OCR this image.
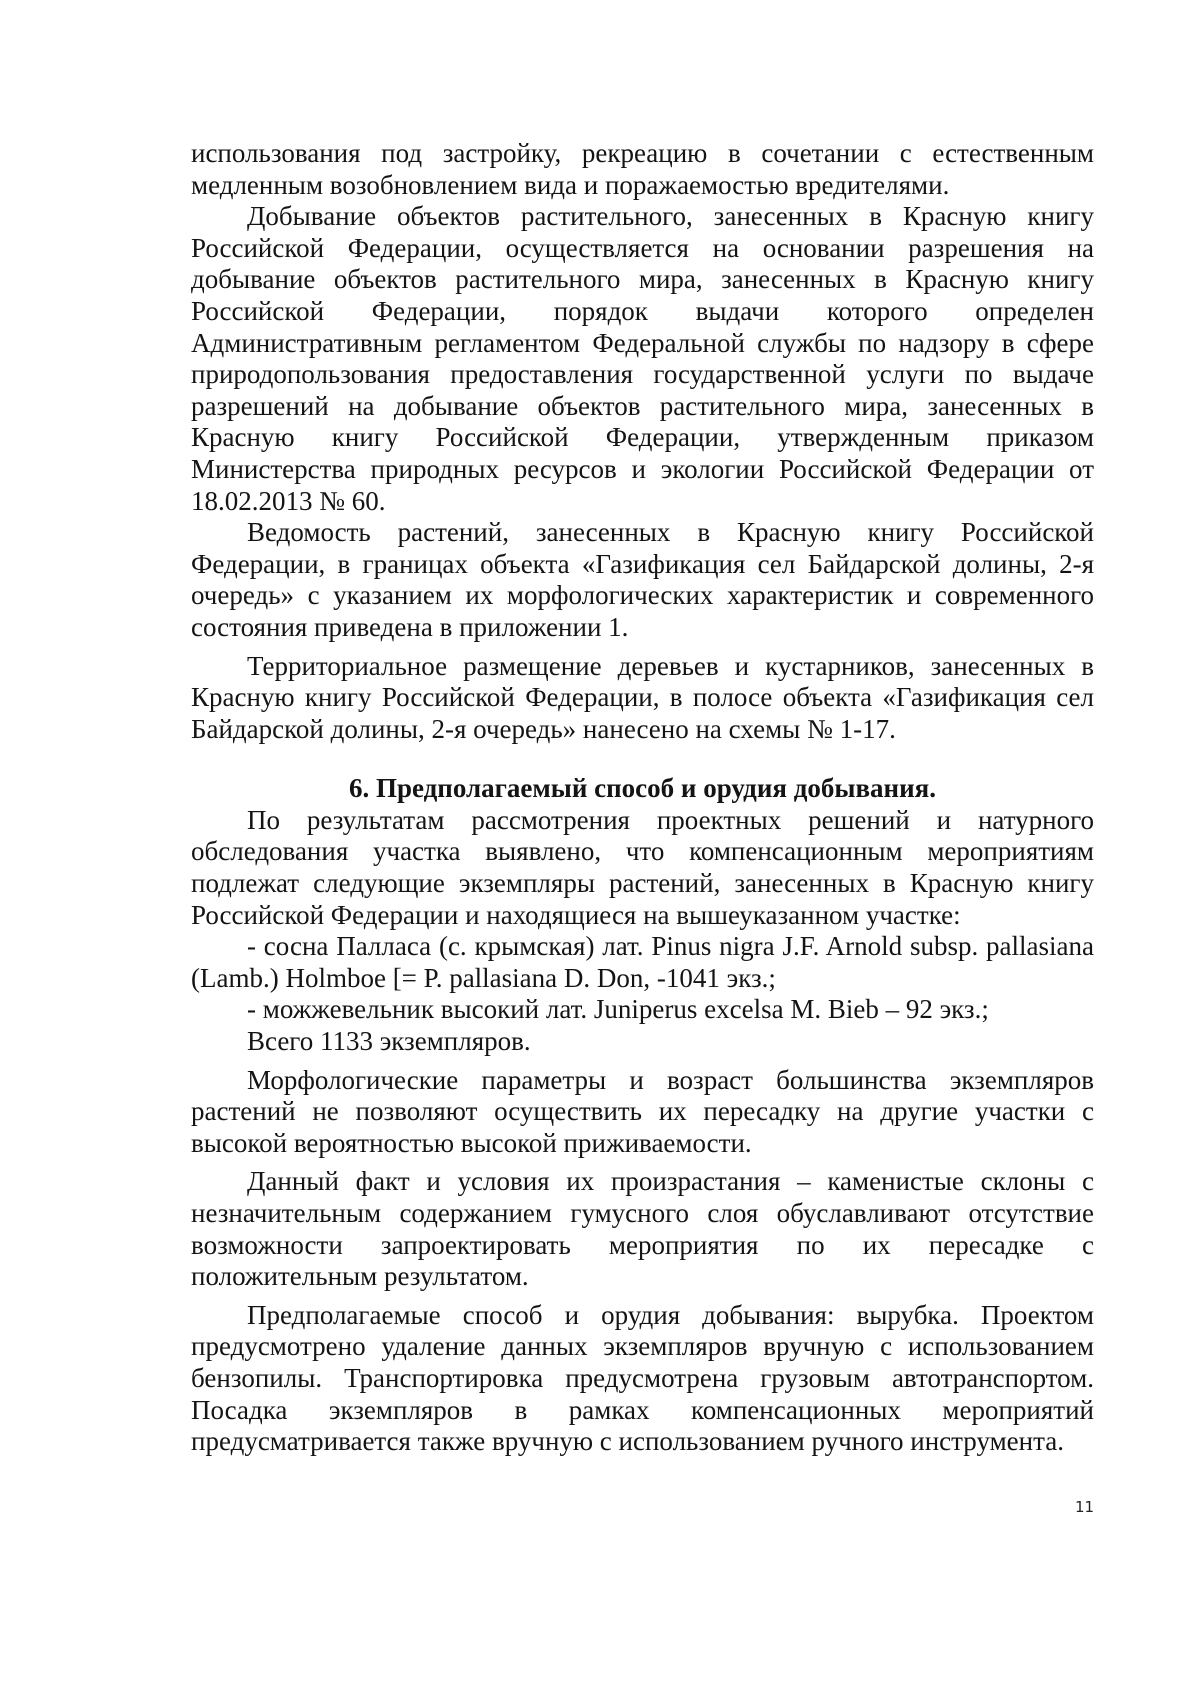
использования под застройку, рекреацию в сочетании с естественным медленным возобновлением вида и поражаемостью вредителями.

Добывание объектов растительного, занесенных в Красную книгу Российской Федерации, осуществляется на основании разрешения на добывание объектов растительного мира, занесенных в Красную книгу Российской Федерации, порядок выдачи которого определен Административным регламентом Федеральной службы по надзору в сфере природопользования предоставления государственной услуги по выдаче разрешений на добывание объектов растительного мира, занесенных в Красную книгу Российской Федерации, утвержденным приказом Министерства природных ресурсов и экологии Российской Федерации от 18.02.2013 № 60.

Ведомость растений, занесенных в Красную книгу Российской Федерации, в границах объекта «Газификация сел Байдарской долины, 2-я очередь» с указанием их морфологических характеристик и современного состояния приведена в приложении 1.

Территориальное размещение деревьев и кустарников, занесенных в Красную книгу Российской Федерации, в полосе объекта «Газификация сел Байдарской долины, 2-я очередь» нанесено на схемы № 1-17.

6. Предполагаемый способ и орудия добывания.

По результатам рассмотрения проектных решений и натурного обследования участка выявлено, что компенсационным мероприятиям подлежат следующие экземпляры растений, занесенных в Красную книгу Российской Федерации и находящиеся на вышеуказанном участке:

- сосна Палласа (с. крымская) лат. Pinus nigra J.F. Arnold subsp. pallasiana (Lamb.) Holmboe [= P. pallasiana D. Don, -1041 экз.;

- можжевельник высокий лат. Juniperus excelsa M. Bieb – 92 экз.;

Всего 1133 экземпляров.

Морфологические параметры и возраст большинства экземпляров растений не позволяют осуществить их пересадку на другие участки с высокой вероятностью высокой приживаемости.

Данный факт и условия их произрастания – каменистые склоны с незначительным содержанием гумусного слоя обуславливают отсутствие возможности запроектировать мероприятия по их пересадке с положительным результатом.

Предполагаемые способ и орудия добывания: вырубка. Проектом предусмотрено удаление данных экземпляров вручную с использованием бензопилы. Транспортировка предусмотрена грузовым автотранспортом. Посадка экземпляров в рамках компенсационных мероприятий предусматривается также вручную с использованием ручного инструмента.

11
